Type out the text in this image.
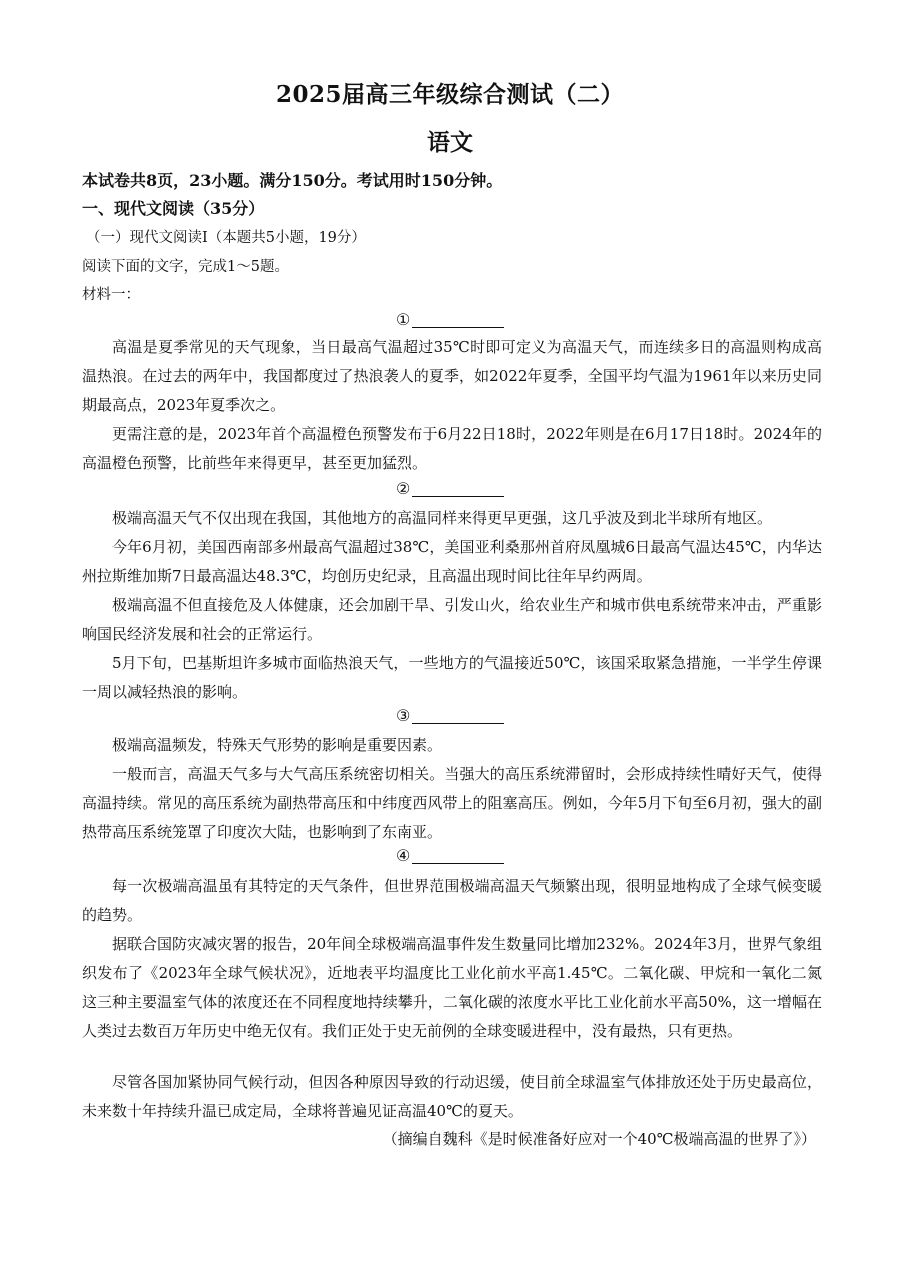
2025届高三年级综合测试（二）
语文
本试卷共8页，23小题。满分150分。考试用时150分钟。
一、现代文阅读（35分）
（一）现代文阅读Ⅰ（本题共5小题，19分）
阅读下面的文字，完成1～5题。
材料一：
①
高温是夏季常见的天气现象，当日最高气温超过35℃时即可定义为高温天气，而连续多日的高温则构成高温热浪。在过去的两年中，我国都度过了热浪袭人的夏季，如2022年夏季，全国平均气温为1961年以来历史同期最高点，2023年夏季次之。
更需注意的是，2023年首个高温橙色预警发布于6月22日18时，2022年则是在6月17日18时。2024年的高温橙色预警，比前些年来得更早，甚至更加猛烈。
②
极端高温天气不仅出现在我国，其他地方的高温同样来得更早更强，这几乎波及到北半球所有地区。
今年6月初，美国西南部多州最高气温超过38℃，美国亚利桑那州首府凤凰城6日最高气温达45℃，内华达州拉斯维加斯7日最高温达48.3℃，均创历史纪录，且高温出现时间比往年早约两周。
极端高温不但直接危及人体健康，还会加剧干旱、引发山火，给农业生产和城市供电系统带来冲击，严重影响国民经济发展和社会的正常运行。
5月下旬，巴基斯坦许多城市面临热浪天气，一些地方的气温接近50℃，该国采取紧急措施，一半学生停课一周以减轻热浪的影响。
③
极端高温频发，特殊天气形势的影响是重要因素。
一般而言，高温天气多与大气高压系统密切相关。当强大的高压系统滞留时，会形成持续性晴好天气，使得高温持续。常见的高压系统为副热带高压和中纬度西风带上的阻塞高压。例如，今年5月下旬至6月初，强大的副热带高压系统笼罩了印度次大陆，也影响到了东南亚。
④
每一次极端高温虽有其特定的天气条件，但世界范围极端高温天气频繁出现，很明显地构成了全球气候变暖的趋势。
据联合国防灾减灾署的报告，20年间全球极端高温事件发生数量同比增加232%。2024年3月，世界气象组织发布了《2023年全球气候状况》，近地表平均温度比工业化前水平高1.45℃。二氧化碳、甲烷和一氧化二氮这三种主要温室气体的浓度还在不同程度地持续攀升，二氧化碳的浓度水平比工业化前水平高50%，这一增幅在人类过去数百万年历史中绝无仅有。我们正处于史无前例的全球变暖进程中，没有最热，只有更热。
尽管各国加紧协同气候行动，但因各种原因导致的行动迟缓，使目前全球温室气体排放还处于历史最高位，未来数十年持续升温已成定局，全球将普遍见证高温40℃的夏天。
（摘编自魏科《是时候准备好应对一个40℃极端高温的世界了》）
